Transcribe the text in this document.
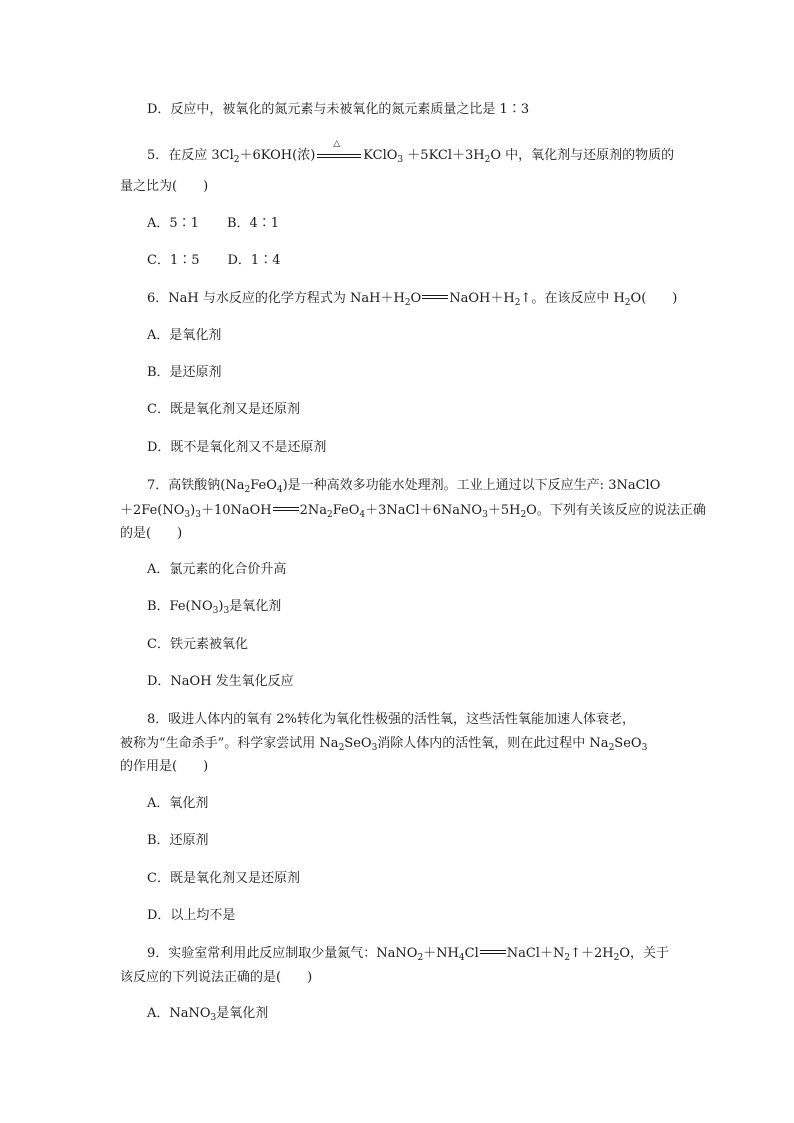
D．反应中，被氧化的氮元素与未被氧化的氮元素质量之比是 1∶3
5．在反应 $3Cl_2+6KOH$(浓)
△
KClO$_3$ $+5KCl+3H_2O$ 中，氧化剂与还原剂的物质的
量之比为(　　)
A．5∶1 B．4∶1
C．1∶5 D．1∶4
6．NaH 与水反应的化学方程式为 $NaH+H_2O$ $NaOH+H_2↑$。在该反应中 $H_2O$(　　)
A．是氧化剂
B．是还原剂
C．既是氧化剂又是还原剂
D．既不是氧化剂又不是还原剂
7．高铁酸钠$(Na_2FeO_4)$是一种高效多功能水处理剂。工业上通过以下反应生产: 3NaClO
$+2Fe(NO_3)_3+10NaOH$ $2Na_2FeO_4+3NaCl+6NaNO_3+5H_2O$。下列有关该反应的说法正确
的是(　　)
A．氯元素的化合价升高
B．$Fe(NO_3)_3$是氧化剂
C．铁元素被氧化
D．NaOH 发生氧化反应
8．吸进人体内的氧有 2%转化为氧化性极强的活性氧，这些活性氧能加速人体衰老，
被称为“生命杀手”。科学家尝试用 $Na_2SeO_3$消除人体内的活性氧，则在此过程中 $Na_2SeO_3$
的作用是(　　)
A．氧化剂
B．还原剂
C．既是氧化剂又是还原剂
D．以上均不是
9．实验室常利用此反应制取少量氮气：$NaNO_2+NH_4Cl$ $NaCl+N_2↑+2H_2O$，关于
该反应的下列说法正确的是(　　)
A．NaNO$_3$是氧化剂
